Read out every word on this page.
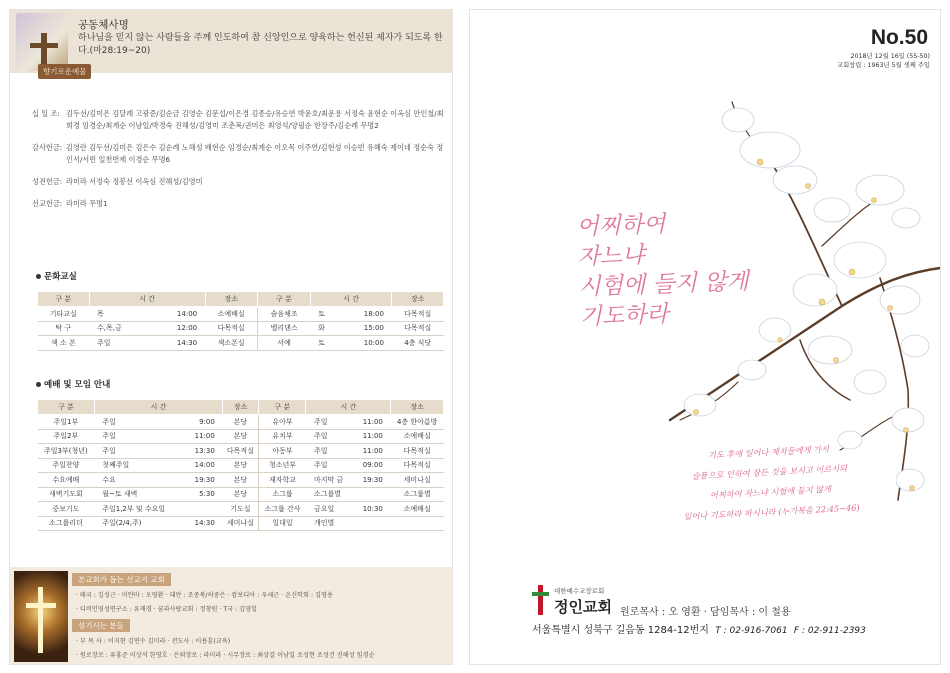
공동체사명
하나님을 믿지 않는 사람들을 주께 인도하여 참 신앙인으로 양육하는 헌신된 제자가 되도록 한다.(마28:19~20)
향기로운예물
십 일 조: 김두선/김미은 김달례 고광준/김순금 김영순 김문섭/이은경 김종승/유승연 박윤호/최운용 서정숙 윤현순 이옥심 안인철/최희경 임경순/최계순 이남일/박경숙 진해성/김영미 조춘복/권미은 최영석/양필순 한장주/김순례 무명2
감사헌금: 김영란 김두선/김미은 김은수 김순례 노해성 배현순 임경순/최계순 이오목 이주연/김현성 이승빈 유혜숙 제이네 정순숙 정인서/서빈 일천번제 이경순 무명6
성전헌금: 라미라 서정숙 정봉선 이옥심 진해성/김영미
선교헌금: 라미라 무명1
문화교실
구 분	시 간		장소	구 분	시 간		장소
기타교실	목	14:00	소예배실	숨음체조	토	18:00	다목적실
탁 구	수,목,금	12:00	다목적실	밸리댄스	화	15:00	다목적실
색 소 폰	주일	14:30	색소폰실	서예	토	10:00	4층 식당
예배 및 모임 안내
구 분	시 간		장소	구 분	시 간		장소
주일1부	주일	9:00	본당	유아부	주일	11:00	4층 한아름방
주일2부	주일	11:00	본당	유치부	주일	11:00	소예배실
주일3부(청년)	주일	13:30	다목적실	아동부	주일	11:00	다목적실
주일찬양	첫째주일	14:00	본당	청소년부	주일	09:00	다목적실
수요예배	수요	19:30	본당	제자학교	마지막 금	19:30	세미나실
새벽기도회	월~토 새벽	5:30	본당	소그룹	소그룹별		소그룹별
중보기도	주일1,2부 및 수요일		기도실	소그룹 간사	금요일	10:30	소예배실
소그룹리더	주일(2/4,주)	14:30	세미나실	일대일	개인별		
본교회가 돕는 선교지 교회
· 태국 : 김성근 · 미얀마 : 오영환 · 대만 : 조중북/허중은 · 캄보디아 : 우세근 · 온신학회 : 김영용
· 디비인영성연구소 : 유재경 · 꿈과사랑교회 : 정창원 · T국 : 김영일
섬기시는 분들
· 부 목 사 : 이지현 김연수 김미라 · 전도사 : 이용훈(교육)
· 원로장로 : 유홍준 이상석 한영호 · 은퇴장로 : 라미라 · 시무장로 : 최상걸 이남일 조성현 조성건 진해성 임경순
No.50
2018년 12월 16일 (55-50)
교회창립 : 1963년 5월 셋째 주일
어찌하여
자느냐
시험에 들지 않게
기도하라
기도 후에 일어나 제자들에게 가서
슬픔으로 인하여 잠든 것을 보시고 이르시되
어찌하여 자느냐 시험에 들지 않게
일어나 기도하라 하시니라 (누가복음 22:45~46)
대한예수교장로회
정인교회 원로목사 : 오 영환 · 담임목사 : 이 철용
서울특별시 성북구 길음동 1284-12번지 T : 02-916-7061 F : 02-911-2393
